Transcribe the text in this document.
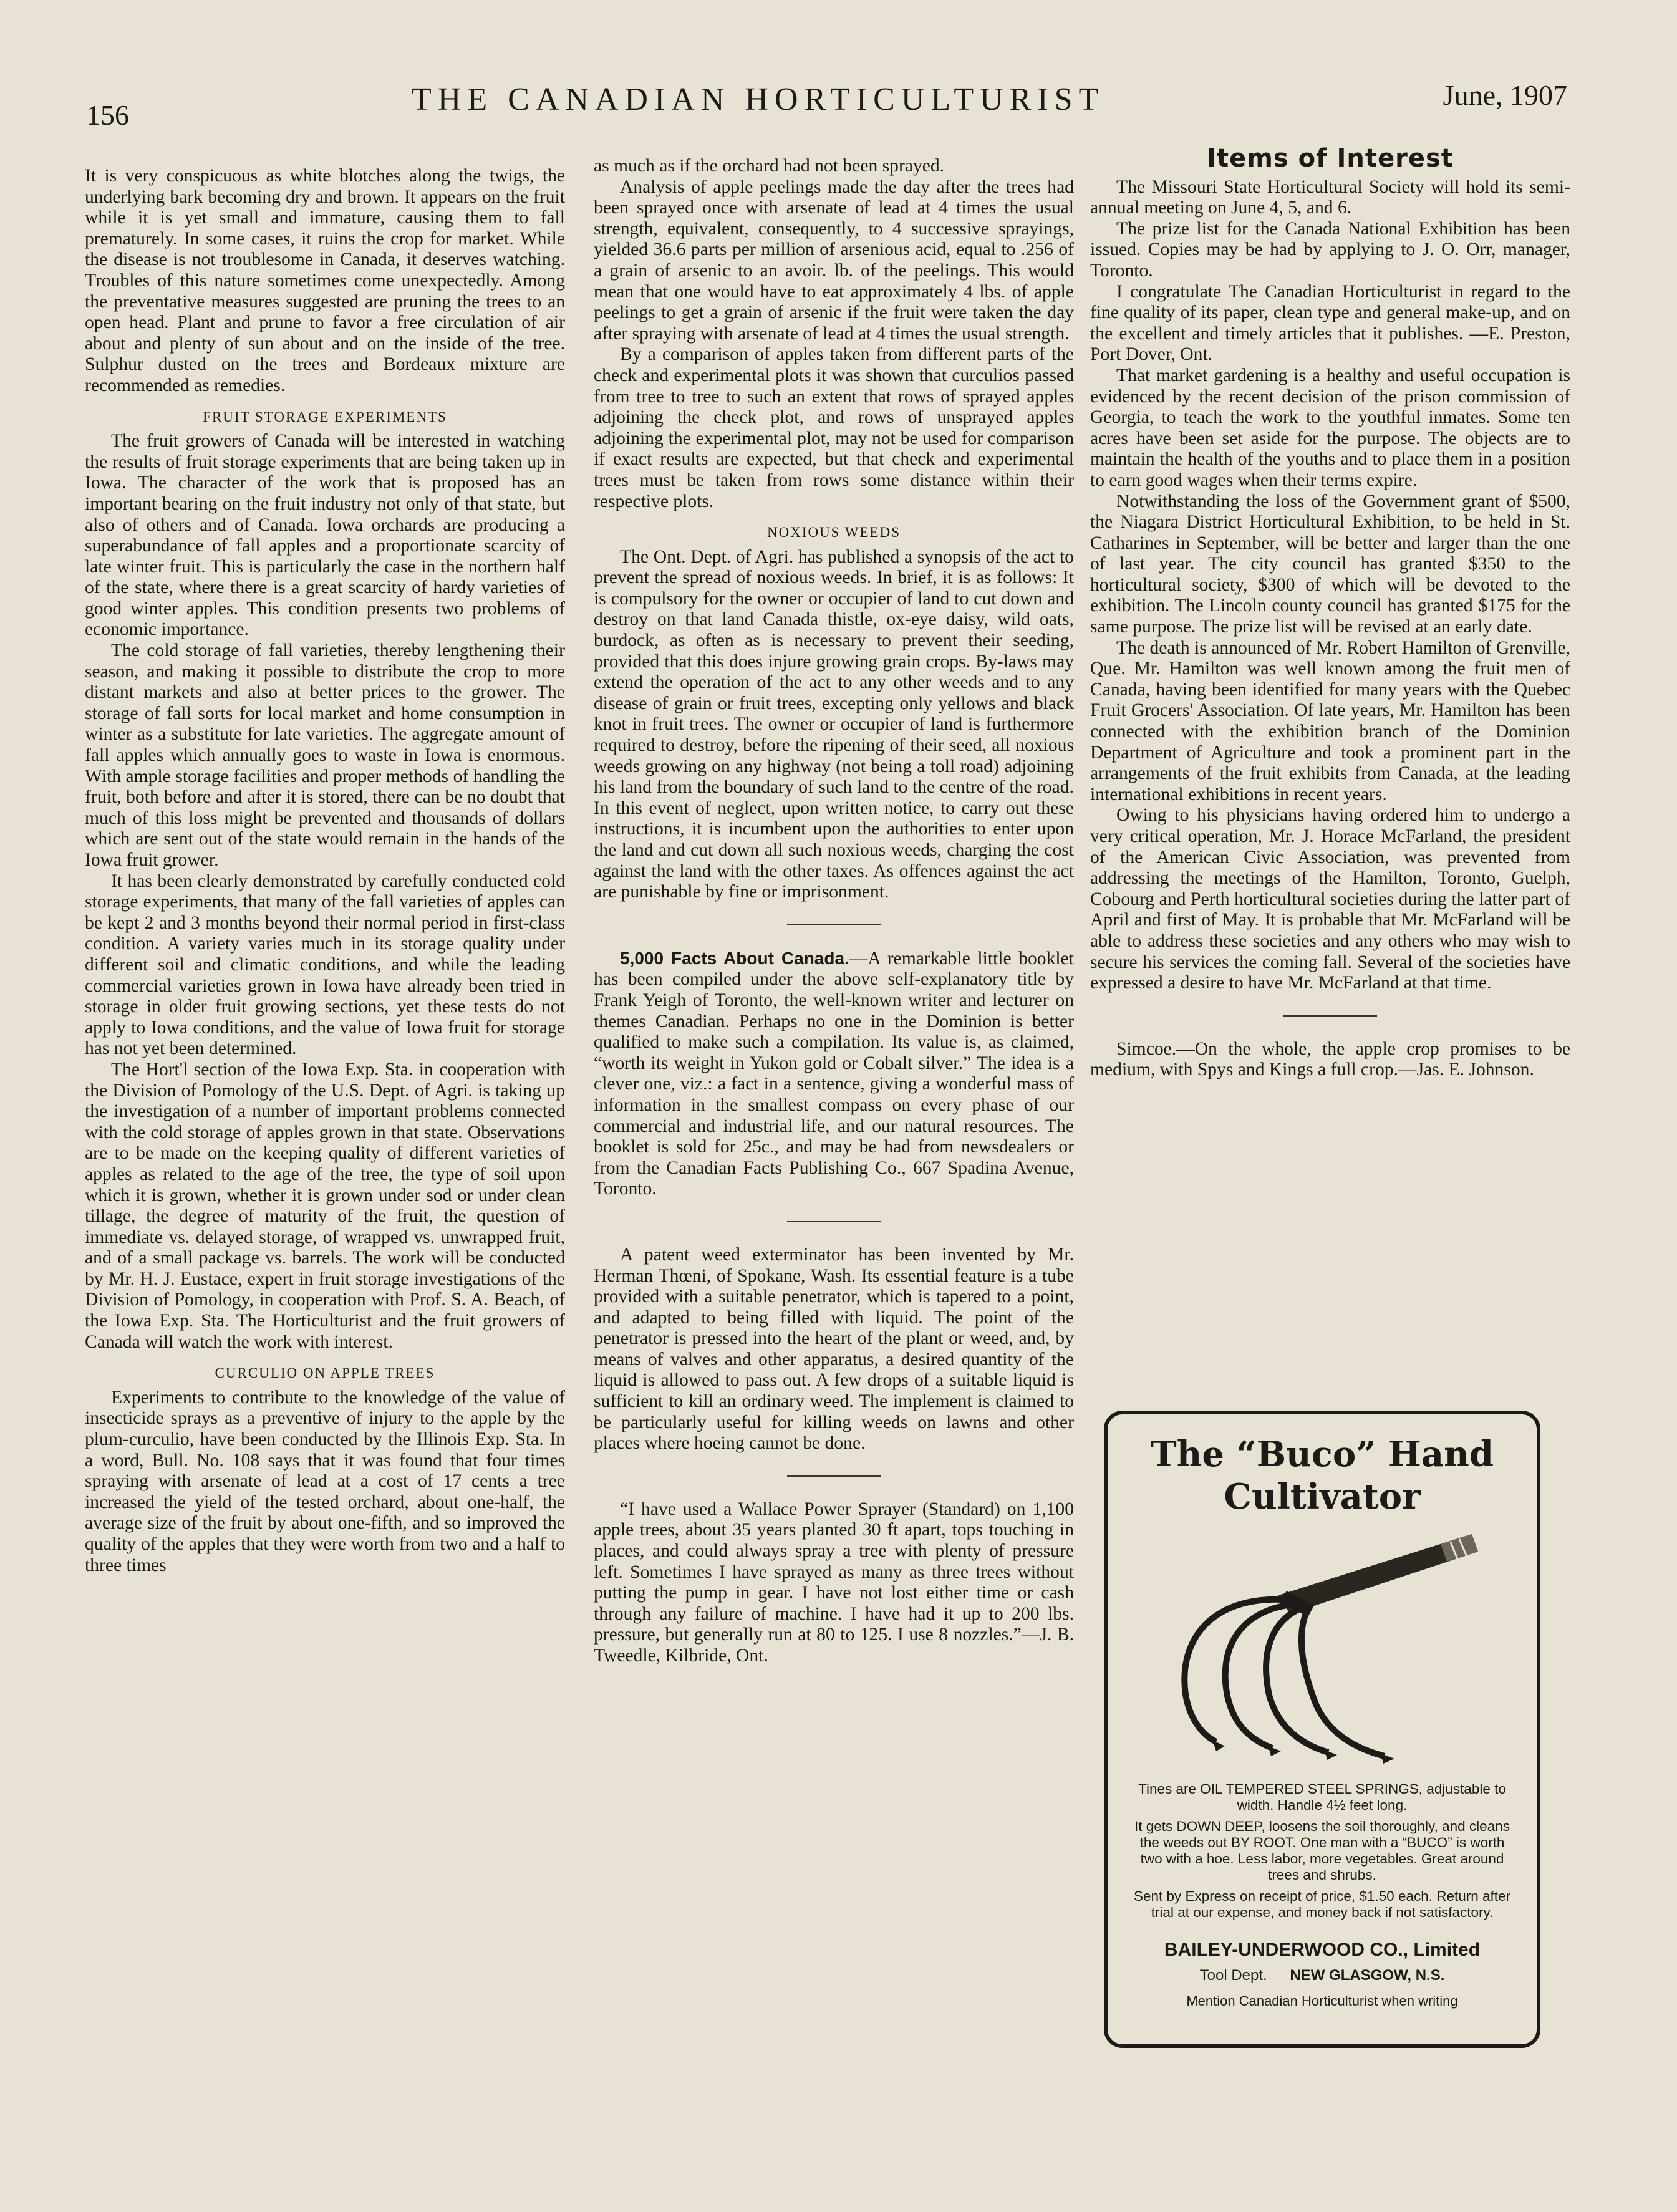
156	THE CANADIAN HORTICULTURIST	June, 1907

It is very conspicuous as white blotches along the twigs, the underlying bark becoming dry and brown. It appears on the fruit while it is yet small and immature, causing them to fall prematurely. In some cases, it ruins the crop for market. While the disease is not troublesome in Canada, it deserves watching. Troubles of this nature sometimes come unexpectedly. Among the preventative measures suggested are pruning the trees to an open head. Plant and prune to favor a free circulation of air about and plenty of sun about and on the inside of the tree. Sulphur dusted on the trees and Bordeaux mixture are recommended as remedies.

FRUIT STORAGE EXPERIMENTS

The fruit growers of Canada will be interested in watching the results of fruit storage experiments that are being taken up in Iowa. The character of the work that is proposed has an important bearing on the fruit industry not only of that state, but also of others and of Canada. Iowa orchards are producing a superabundance of fall apples and a proportionate scarcity of late winter fruit. This is particularly the case in the northern half of the state, where there is a great scarcity of hardy varieties of good winter apples. This condition presents two problems of economic importance.

The cold storage of fall varieties, thereby lengthening their season, and making it possible to distribute the crop to more distant markets and also at better prices to the grower. The storage of fall sorts for local market and home consumption in winter as a substitute for late varieties. The aggregate amount of fall apples which annually goes to waste in Iowa is enormous. With ample storage facilities and proper methods of handling the fruit, both before and after it is stored, there can be no doubt that much of this loss might be prevented and thousands of dollars which are sent out of the state would remain in the hands of the Iowa fruit grower.

It has been clearly demonstrated by carefully conducted cold storage experiments, that many of the fall varieties of apples can be kept 2 and 3 months beyond their normal period in first-class condition. A variety varies much in its storage quality under different soil and climatic conditions, and while the leading commercial varieties grown in Iowa have already been tried in storage in older fruit growing sections, yet these tests do not apply to Iowa conditions, and the value of Iowa fruit for storage has not yet been determined.

The Hort'l section of the Iowa Exp. Sta. in cooperation with the Division of Pomology of the U.S. Dept. of Agri. is taking up the investigation of a number of important problems connected with the cold storage of apples grown in that state. Observations are to be made on the keeping quality of different varieties of apples as related to the age of the tree, the type of soil upon which it is grown, whether it is grown under sod or under clean tillage, the degree of maturity of the fruit, the question of immediate vs. delayed storage, of wrapped vs. unwrapped fruit, and of a small package vs. barrels. The work will be conducted by Mr. H. J. Eustace, expert in fruit storage investigations of the Division of Pomology, in cooperation with Prof. S. A. Beach, of the Iowa Exp. Sta. The Horticulturist and the fruit growers of Canada will watch the work with interest.

CURCULIO ON APPLE TREES

Experiments to contribute to the knowledge of the value of insecticide sprays as a preventive of injury to the apple by the plum-curculio, have been conducted by the Illinois Exp. Sta. In a word, Bull. No. 108 says that it was found that four times spraying with arsenate of lead at a cost of 17 cents a tree increased the yield of the tested orchard, about one-half, the average size of the fruit by about one-fifth, and so improved the quality of the apples that they were worth from two and a half to three times

as much as if the orchard had not been sprayed.

Analysis of apple peelings made the day after the trees had been sprayed once with arsenate of lead at 4 times the usual strength, equivalent, consequently, to 4 successive sprayings, yielded 36.6 parts per million of arsenious acid, equal to .256 of a grain of arsenic to an avoir. lb. of the peelings. This would mean that one would have to eat approximately 4 lbs. of apple peelings to get a grain of arsenic if the fruit were taken the day after spraying with arsenate of lead at 4 times the usual strength.

By a comparison of apples taken from different parts of the check and experimental plots it was shown that curculios passed from tree to tree to such an extent that rows of sprayed apples adjoining the check plot, and rows of unsprayed apples adjoining the experimental plot, may not be used for comparison if exact results are expected, but that check and experimental trees must be taken from rows some distance within their respective plots.

NOXIOUS WEEDS

The Ont. Dept. of Agri. has published a synopsis of the act to prevent the spread of noxious weeds. In brief, it is as follows: It is compulsory for the owner or occupier of land to cut down and destroy on that land Canada thistle, ox-eye daisy, wild oats, burdock, as often as is necessary to prevent their seeding, provided that this does injure growing grain crops. By-laws may extend the operation of the act to any other weeds and to any disease of grain or fruit trees, excepting only yellows and black knot in fruit trees. The owner or occupier of land is furthermore required to destroy, before the ripening of their seed, all noxious weeds growing on any highway (not being a toll road) adjoining his land from the boundary of such land to the centre of the road. In this event of neglect, upon written notice, to carry out these instructions, it is incumbent upon the authorities to enter upon the land and cut down all such noxious weeds, charging the cost against the land with the other taxes. As offences against the act are punishable by fine or imprisonment.

5,000 Facts About Canada.—A remarkable little booklet has been compiled under the above self-explanatory title by Frank Yeigh of Toronto, the well-known writer and lecturer on themes Canadian. Perhaps no one in the Dominion is better qualified to make such a compilation. Its value is, as claimed, “worth its weight in Yukon gold or Cobalt silver.” The idea is a clever one, viz.: a fact in a sentence, giving a wonderful mass of information in the smallest compass on every phase of our commercial and industrial life, and our natural resources. The booklet is sold for 25c., and may be had from newsdealers or from the Canadian Facts Publishing Co., 667 Spadina Avenue, Toronto.

A patent weed exterminator has been invented by Mr. Herman Thœni, of Spokane, Wash. Its essential feature is a tube provided with a suitable penetrator, which is tapered to a point, and adapted to being filled with liquid. The point of the penetrator is pressed into the heart of the plant or weed, and, by means of valves and other apparatus, a desired quantity of the liquid is allowed to pass out. A few drops of a suitable liquid is sufficient to kill an ordinary weed. The implement is claimed to be particularly useful for killing weeds on lawns and other places where hoeing cannot be done.

“I have used a Wallace Power Sprayer (Standard) on 1,100 apple trees, about 35 years planted 30 ft apart, tops touching in places, and could always spray a tree with plenty of pressure left. Sometimes I have sprayed as many as three trees without putting the pump in gear. I have not lost either time or cash through any failure of machine. I have had it up to 200 lbs. pressure, but generally run at 80 to 125. I use 8 nozzles.”—J. B. Tweedle, Kilbride, Ont.

Items of Interest

The Missouri State Horticultural Society will hold its semi-annual meeting on June 4, 5, and 6.

The prize list for the Canada National Exhibition has been issued. Copies may be had by applying to J. O. Orr, manager, Toronto.

I congratulate The Canadian Horticulturist in regard to the fine quality of its paper, clean type and general make-up, and on the excellent and timely articles that it publishes. —E. Preston, Port Dover, Ont.

That market gardening is a healthy and useful occupation is evidenced by the recent decision of the prison commission of Georgia, to teach the work to the youthful inmates. Some ten acres have been set aside for the purpose. The objects are to maintain the health of the youths and to place them in a position to earn good wages when their terms expire.

Notwithstanding the loss of the Government grant of $500, the Niagara District Horticultural Exhibition, to be held in St. Catharines in September, will be better and larger than the one of last year. The city council has granted $350 to the horticultural society, $300 of which will be devoted to the exhibition. The Lincoln county council has granted $175 for the same purpose. The prize list will be revised at an early date.

The death is announced of Mr. Robert Hamilton of Grenville, Que. Mr. Hamilton was well known among the fruit men of Canada, having been identified for many years with the Quebec Fruit Grocers' Association. Of late years, Mr. Hamilton has been connected with the exhibition branch of the Dominion Department of Agriculture and took a prominent part in the arrangements of the fruit exhibits from Canada, at the leading international exhibitions in recent years.

Owing to his physicians having ordered him to undergo a very critical operation, Mr. J. Horace McFarland, the president of the American Civic Association, was prevented from addressing the meetings of the Hamilton, Toronto, Guelph, Cobourg and Perth horticultural societies during the latter part of April and first of May. It is probable that Mr. McFarland will be able to address these societies and any others who may wish to secure his services the coming fall. Several of the societies have expressed a desire to have Mr. McFarland at that time.

Simcoe.—On the whole, the apple crop promises to be medium, with Spys and Kings a full crop.—Jas. E. Johnson.

The “Buco” Hand
Cultivator

Tines are OIL TEMPERED STEEL SPRINGS, adjustable to width. Handle 4½ feet long.

It gets DOWN DEEP, loosens the soil thoroughly, and cleans the weeds out BY ROOT. One man with a “BUCO” is worth two with a hoe. Less labor, more vegetables. Great around trees and shrubs.

Sent by Express on receipt of price, $1.50 each. Return after trial at our expense, and money back if not satisfactory.

BAILEY-UNDERWOOD CO., Limited
Tool Dept. NEW GLASGOW, N.S.
Mention Canadian Horticulturist when writing
